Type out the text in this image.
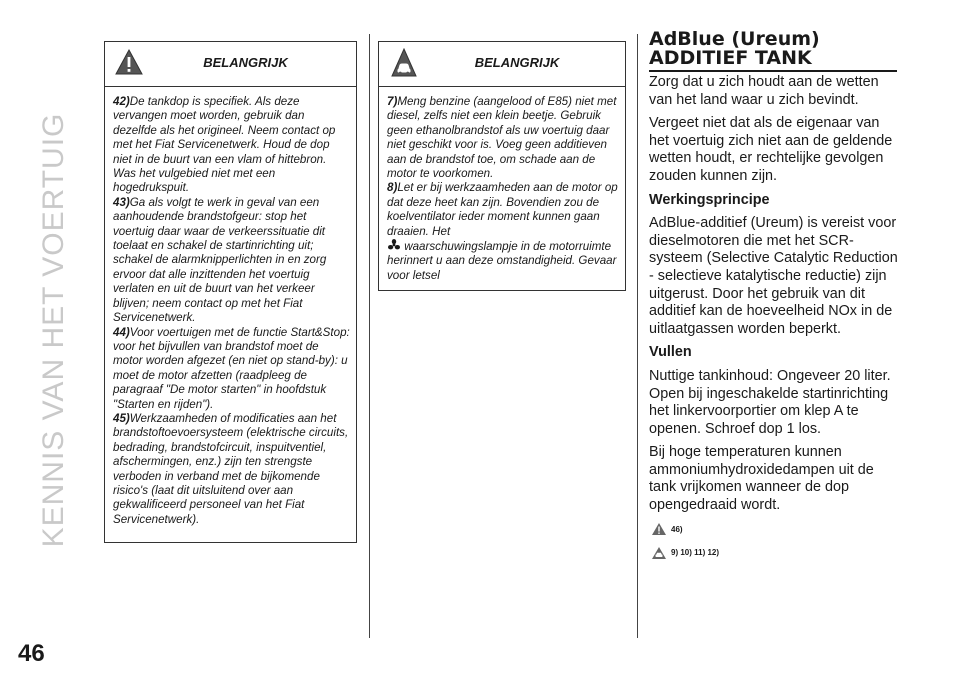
KENNIS VAN HET VOERTUIG
46
BELANGRIJK

42)De tankdop is specifiek. Als deze vervangen moet worden, gebruik dan dezelfde als het origineel. Neem contact op met het Fiat Servicenetwerk. Houd de dop niet in de buurt van een vlam of hittebron. Was het vulgebied niet met een hogedrukspuit.

43)Ga als volgt te werk in geval van een aanhoudende brandstofgeur: stop het voertuig daar waar de verkeerssituatie dit toelaat en schakel de startinrichting uit; schakel de alarmknipperlichten in en zorg ervoor dat alle inzittenden het voertuig verlaten en uit de buurt van het verkeer blijven; neem contact op met het Fiat Servicenetwerk.

44)Voor voertuigen met de functie Start&Stop: voor het bijvullen van brandstof moet de motor worden afgezet (en niet op stand-by): u moet de motor afzetten (raadpleeg de paragraaf "De motor starten" in hoofdstuk "Starten en rijden").

45)Werkzaamheden of modificaties aan het brandstoftoevoersysteem (elektrische circuits, bedrading, brandstofcircuit, inspuitventiel, afschermingen, enz.) zijn ten strengste verboden in verband met de bijkomende risico's (laat dit uitsluitend over aan gekwalificeerd personeel van het Fiat Servicenetwerk).

BELANGRIJK

7)Meng benzine (aangelood of E85) niet met diesel, zelfs niet een klein beetje. Gebruik geen ethanolbrandstof als uw voertuig daar niet geschikt voor is. Voeg geen additieven aan de brandstof toe, om schade aan de motor te voorkomen.

8)Let er bij werkzaamheden aan de motor op dat deze heet kan zijn. Bovendien zou de koelventilator ieder moment kunnen gaan draaien. Het
waarschuwingslampje in de motorruimte herinnert u aan deze omstandigheid. Gevaar voor letsel

AdBlue (Ureum)
ADDITIEF TANK

Zorg dat u zich houdt aan de wetten van het land waar u zich bevindt.

Vergeet niet dat als de eigenaar van het voertuig zich niet aan de geldende wetten houdt, er rechtelijke gevolgen zouden kunnen zijn.

Werkingsprincipe

AdBlue-additief (Ureum) is vereist voor dieselmotoren die met het SCR-systeem (Selective Catalytic Reduction - selectieve katalytische reductie) zijn uitgerust. Door het gebruik van dit additief kan de hoeveelheid NOx in de uitlaatgassen worden beperkt.

Vullen

Nuttige tankinhoud: Ongeveer 20 liter. Open bij ingeschakelde startinrichting het linkervoorportier om klep A te openen. Schroef dop 1 los.

Bij hoge temperaturen kunnen ammoniumhydroxidedampen uit de tank vrijkomen wanneer de dop opengedraaid wordt.

46)
9) 10) 11) 12)
